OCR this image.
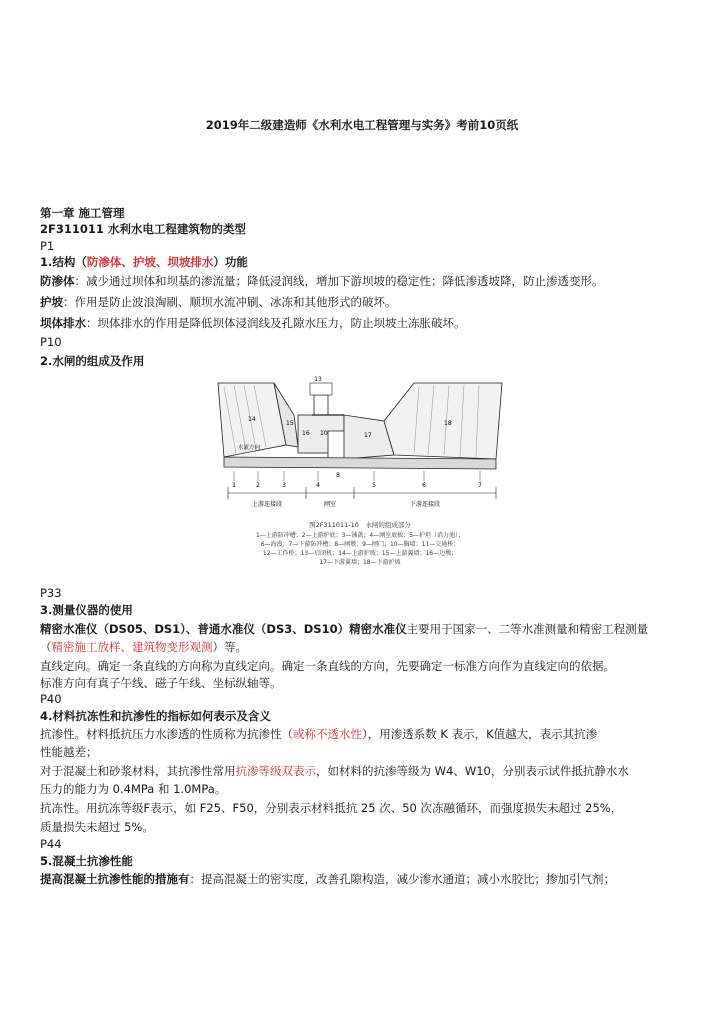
2019年二级建造师《水利水电工程管理与实务》考前10页纸
第一章 施工管理
2F311011 水利水电工程建筑物的类型
P1
1.结构（防渗体、护坡、坝坡排水）功能
防渗体：减少通过坝体和坝基的渗流量；降低浸润线，增加下游坝坡的稳定性；降低渗透坡降，防止渗透变形。
护坡：作用是防止波浪淘刷、顺坝水流冲刷、冰冻和其他形式的破坏。
坝体排水：坝体排水的作用是降低坝体浸润线及孔隙水压力，防止坝坡土冻胀破坏。
P10
2.水闸的组成及作用
13
14
15
16 10	17
18
水流方向
1	2	3	4	5	6	7
8
上游连接段	闸室	下游连接段
图2F311011-10　水闸的组成部分
1—上游防冲槽；2—上游护底；3—铺盖；4—闸室底板；5—护坦（消力池）；
6—海漫；7—下游防冲槽；8—闸墩；9—闸门；10—胸墙；11—交通桥；
12—工作桥；13—启闭机；14—上游护坡；15—上游翼墙；16—边墩；
17—下游翼墙；18—下游护坡
P33
3.测量仪器的使用
精密水准仪（DS05、DS1）、普通水准仪（DS3、DS10）精密水准仪主要用于国家一、二等水准测量和精密工程测量
（精密施工放样、建筑物变形观测）等。
直线定向。确定一条直线的方向称为直线定向。确定一条直线的方向，先要确定一标准方向作为直线定向的依据。
标准方向有真子午线、磁子午线、坐标纵轴等。
P40
4.材料抗冻性和抗渗性的指标如何表示及含义
抗渗性。材料抵抗压力水渗透的性质称为抗渗性（或称不透水性），用渗透系数 K 表示，K值越大，表示其抗渗
性能越差；
对于混凝土和砂浆材料，其抗渗性常用抗渗等级双表示，如材料的抗渗等级为 W4、W10，分别表示试件抵抗静水水
压力的能力为 0.4MPa 和 1.0MPa。
抗冻性。用抗冻等级F表示，如 F25、F50，分别表示材料抵抗 25 次、50 次冻融循环，而强度损失未超过 25%，
质量损失未超过 5%。
P44
5.混凝土抗渗性能
提高混凝土抗渗性能的措施有：提高混凝土的密实度，改善孔隙构造，减少渗水通道；减小水胶比；掺加引气剂；
